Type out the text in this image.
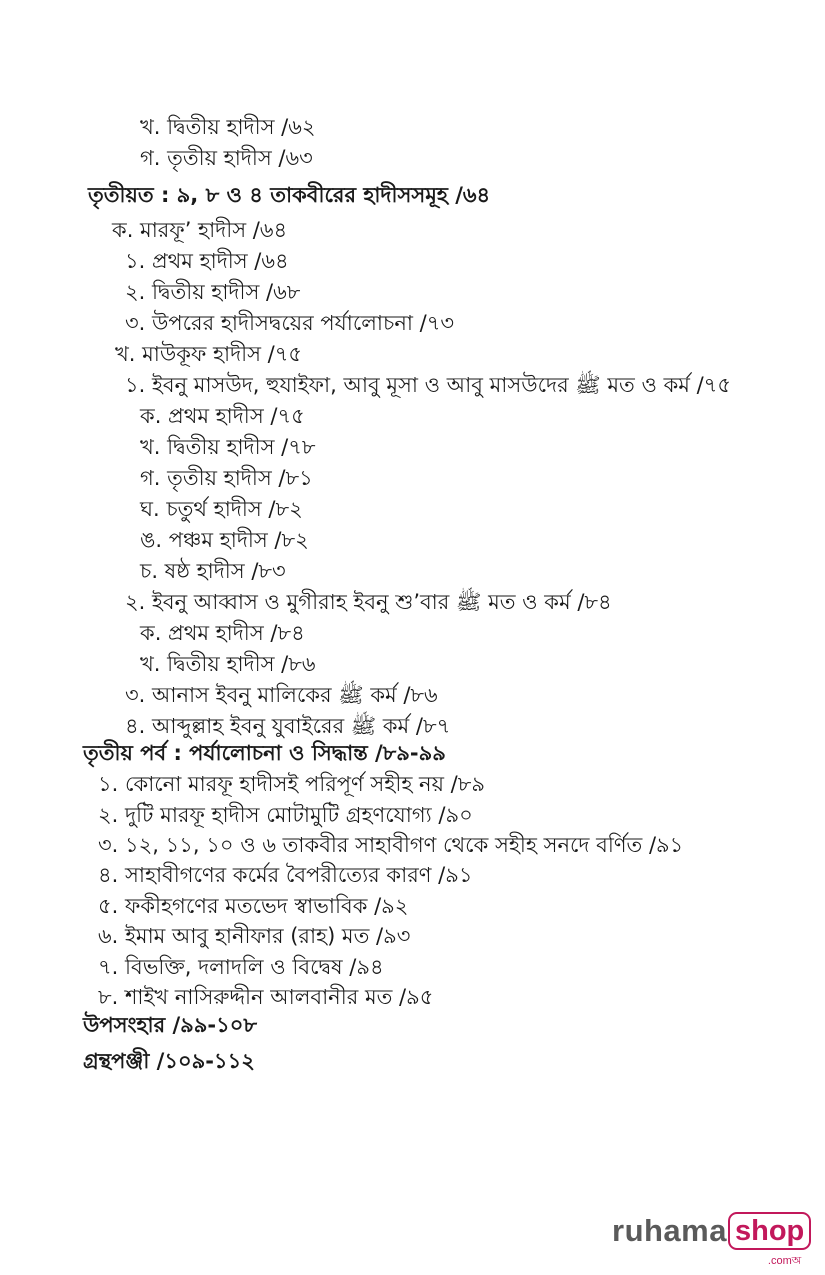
খ. দ্বিতীয় হাদীস /৬২
গ. তৃতীয় হাদীস /৬৩
তৃতীয়ত : ৯, ৮ ও ৪ তাকবীরের হাদীসসমূহ /৬৪
ক. মারফূ’ হাদীস /৬৪
১. প্রথম হাদীস /৬৪
২. দ্বিতীয় হাদীস /৬৮
৩. উপরের হাদীসদ্বয়ের পর্যালোচনা /৭৩
খ. মাউকূফ হাদীস /৭৫
১. ইবনু মাসউদ, হুযাইফা, আবু মূসা ও আবু মাসউদের ﷺ মত ও কর্ম /৭৫
ক. প্রথম হাদীস /৭৫
খ. দ্বিতীয় হাদীস /৭৮
গ. তৃতীয় হাদীস /৮১
ঘ. চতুর্থ হাদীস /৮২
ঙ. পঞ্চম হাদীস /৮২
চ. ষষ্ঠ হাদীস /৮৩
২. ইবনু আব্বাস ও মুগীরাহ ইবনু শু’বার ﷺ মত ও কর্ম /৮৪
ক. প্রথম হাদীস /৮৪
খ. দ্বিতীয় হাদীস /৮৬
৩. আনাস ইবনু মালিকের ﷺ কর্ম /৮৬
৪. আব্দুল্লাহ ইবনু যুবাইরের ﷺ কর্ম /৮৭
তৃতীয় পর্ব : পর্যালোচনা ও সিদ্ধান্ত /৮৯-৯৯
১. কোনো মারফূ হাদীসই পরিপূর্ণ সহীহ নয় /৮৯
২. দুটি মারফূ হাদীস মোটামুটি গ্রহণযোগ্য /৯০
৩. ১২, ১১, ১০ ও ৬ তাকবীর সাহাবীগণ থেকে সহীহ সনদে বর্ণিত /৯১
৪. সাহাবীগণের কর্মের বৈপরীত্যের কারণ /৯১
৫. ফকীহগণের মতভেদ স্বাভাবিক /৯২
৬. ইমাম আবু হানীফার (রাহ) মত /৯৩
৭. বিভক্তি, দলাদলি ও বিদ্বেষ /৯৪
৮. শাইখ নাসিরুদ্দীন আলবানীর মত /৯৫
উপসংহার /৯৯-১০৮
গ্রন্থপঞ্জী /১০৯-১১২
ruhama shop
.comঅ
